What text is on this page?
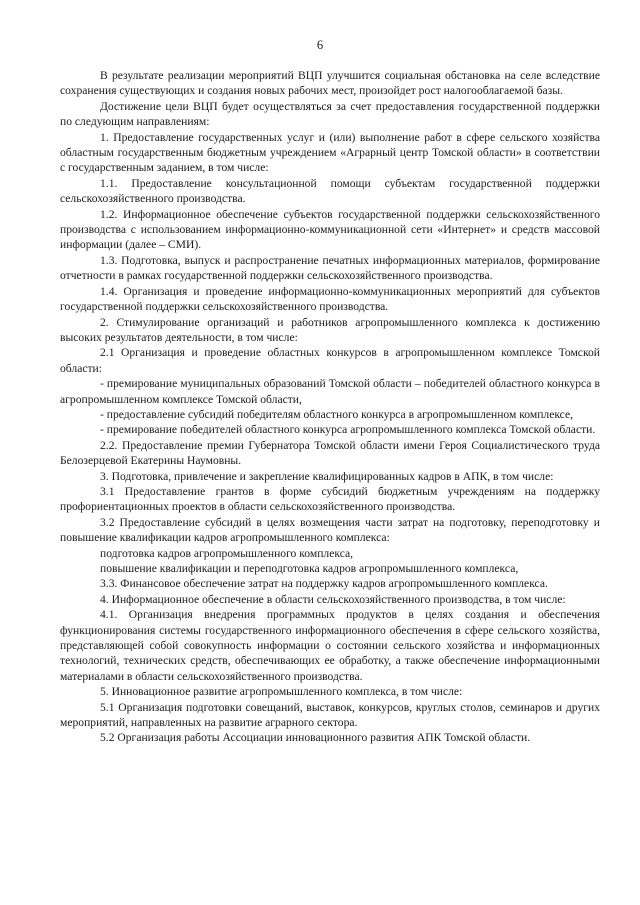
6

В результате реализации мероприятий ВЦП улучшится социальная обстановка на селе вследствие сохранения существующих и создания новых рабочих мест, произойдет рост налогооблагаемой базы.

Достижение цели ВЦП будет осуществляться за счет предоставления государственной поддержки по следующим направлениям:

1. Предоставление государственных услуг и (или) выполнение работ в сфере сельского хозяйства областным государственным бюджетным учреждением «Аграрный центр Томской области» в соответствии с государственным заданием, в том числе:

1.1. Предоставление консультационной помощи субъектам государственной поддержки сельскохозяйственного производства.

1.2. Информационное обеспечение субъектов государственной поддержки сельскохозяйственного производства с использованием информационно-коммуникационной сети «Интернет» и средств массовой информации (далее – СМИ).

1.3. Подготовка, выпуск и распространение печатных информационных материалов, формирование отчетности в рамках государственной поддержки сельскохозяйственного производства.

1.4. Организация и проведение информационно-коммуникационных мероприятий для субъектов государственной поддержки сельскохозяйственного производства.

2. Стимулирование организаций и работников агропромышленного комплекса к достижению высоких результатов деятельности, в том числе:

2.1 Организация и проведение областных конкурсов в агропромышленном комплексе Томской области:

- премирование муниципальных образований Томской области – победителей областного конкурса в агропромышленном комплексе Томской области,

- предоставление субсидий победителям областного конкурса в агропромышленном комплексе,

- премирование победителей областного конкурса агропромышленного комплекса Томской области.

2.2. Предоставление премии Губернатора Томской области имени Героя Социалистического труда Белозерцевой Екатерины Наумовны.

3. Подготовка, привлечение и закрепление квалифицированных кадров в АПК, в том числе:

3.1 Предоставление грантов в форме субсидий бюджетным учреждениям на поддержку профориентационных проектов в области сельскохозяйственного производства.

3.2 Предоставление субсидий в целях возмещения части затрат на подготовку, переподготовку и повышение квалификации кадров агропромышленного комплекса:

подготовка кадров агропромышленного комплекса,

повышение квалификации и переподготовка кадров агропромышленного комплекса,

3.3. Финансовое обеспечение затрат на поддержку кадров агропромышленного комплекса.

4. Информационное обеспечение в области сельскохозяйственного производства, в том числе:

4.1. Организация внедрения программных продуктов в целях создания и обеспечения функционирования системы государственного информационного обеспечения в сфере сельского хозяйства, представляющей собой совокупность информации о состоянии сельского хозяйства и информационных технологий, технических средств, обеспечивающих ее обработку, а также обеспечение информационными материалами в области сельскохозяйственного производства.

5. Инновационное развитие агропромышленного комплекса, в том числе:

5.1 Организация подготовки совещаний, выставок, конкурсов, круглых столов, семинаров и других мероприятий, направленных на развитие аграрного сектора.

5.2 Организация работы Ассоциации инновационного развития АПК Томской области.
